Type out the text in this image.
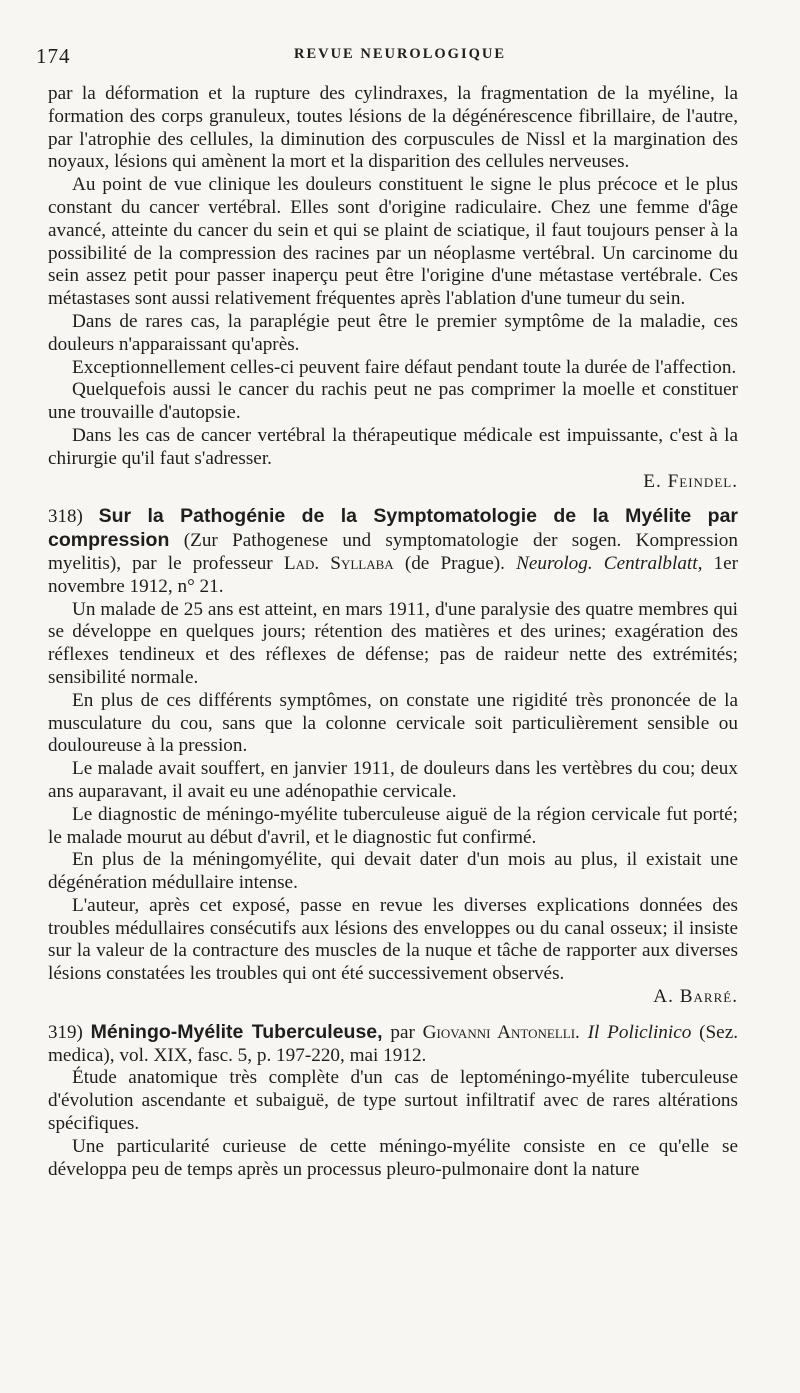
174	REVUE NEUROLOGIQUE

par la déformation et la rupture des cylindraxes, la fragmentation de la myéline, la formation des corps granuleux, toutes lésions de la dégénérescence fibrillaire, de l'autre, par l'atrophie des cellules, la diminution des corpuscules de Nissl et la margination des noyaux, lésions qui amènent la mort et la disparition des cellules nerveuses.

Au point de vue clinique les douleurs constituent le signe le plus précoce et le plus constant du cancer vertébral. Elles sont d'origine radiculaire. Chez une femme d'âge avancé, atteinte du cancer du sein et qui se plaint de sciatique, il faut toujours penser à la possibilité de la compression des racines par un néoplasme vertébral. Un carcinome du sein assez petit pour passer inaperçu peut être l'origine d'une métastase vertébrale. Ces métastases sont aussi relativement fréquentes après l'ablation d'une tumeur du sein.

Dans de rares cas, la paraplégie peut être le premier symptôme de la maladie, ces douleurs n'apparaissant qu'après.

Exceptionnellement celles-ci peuvent faire défaut pendant toute la durée de l'affection.

Quelquefois aussi le cancer du rachis peut ne pas comprimer la moelle et constituer une trouvaille d'autopsie.

Dans les cas de cancer vertébral la thérapeutique médicale est impuissante, c'est à la chirurgie qu'il faut s'adresser.

E. Feindel.

318) Sur la Pathogénie de la Symptomatologie de la Myélite par compression (Zur Pathogenese und symptomatologie der sogen. Kompression myelitis), par le professeur Lad. Syllaba (de Prague). Neurolog. Centralblatt, 1er novembre 1912, n° 21.

Un malade de 25 ans est atteint, en mars 1911, d'une paralysie des quatre membres qui se développe en quelques jours; rétention des matières et des urines; exagération des réflexes tendineux et des réflexes de défense; pas de raideur nette des extrémités; sensibilité normale.

En plus de ces différents symptômes, on constate une rigidité très prononcée de la musculature du cou, sans que la colonne cervicale soit particulièrement sensible ou douloureuse à la pression.

Le malade avait souffert, en janvier 1911, de douleurs dans les vertèbres du cou; deux ans auparavant, il avait eu une adénopathie cervicale.

Le diagnostic de méningo-myélite tuberculeuse aiguë de la région cervicale fut porté; le malade mourut au début d'avril, et le diagnostic fut confirmé.

En plus de la méningomyélite, qui devait dater d'un mois au plus, il existait une dégénération médullaire intense.

L'auteur, après cet exposé, passe en revue les diverses explications données des troubles médullaires consécutifs aux lésions des enveloppes ou du canal osseux; il insiste sur la valeur de la contracture des muscles de la nuque et tâche de rapporter aux diverses lésions constatées les troubles qui ont été successivement observés.

A. Barré.

319) Méningo-Myélite Tuberculeuse, par Giovanni Antonelli. Il Policlinico (Sez. medica), vol. XIX, fasc. 5, p. 197-220, mai 1912.

Étude anatomique très complète d'un cas de leptoméningo-myélite tuberculeuse d'évolution ascendante et subaiguë, de type surtout infiltratif avec de rares altérations spécifiques.

Une particularité curieuse de cette méningo-myélite consiste en ce qu'elle se développa peu de temps après un processus pleuro-pulmonaire dont la nature
